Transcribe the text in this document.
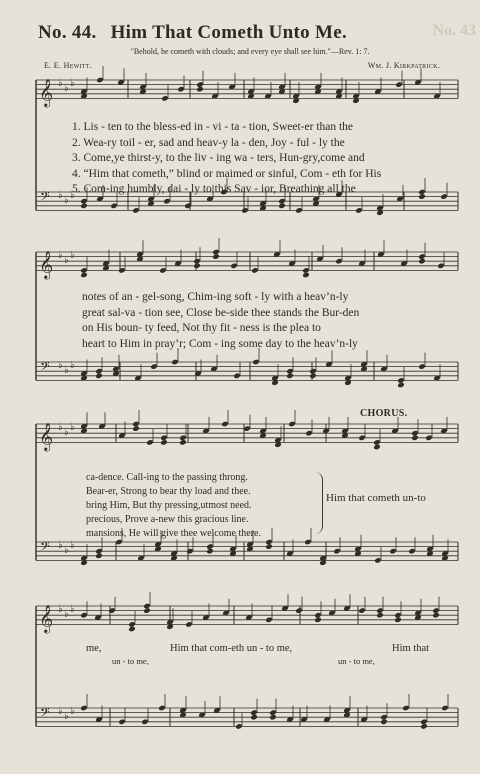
No. 43
No. 44. Him That Cometh Unto Me.
"Behold, he cometh with clouds; and every eye shall see him."—Rev. 1: 7.
E. E. Hewitt.	Wm. J. Kirkpatrick.
𝄞
𝄢
♭ ♭ ♭
♭ ♭ ♭
𝄞
𝄢
♭ ♭ ♭
♭ ♭ ♭
𝄞
𝄢
♭ ♭ ♭
♭ ♭ ♭
𝄞
𝄢
♭ ♭ ♭
♭ ♭ ♭
1. Lis - ten to the bless-ed in - vi - ta - tion, Sweet-er than the
2. Wea-ry toil - er, sad and heav-y la - den, Joy - ful - ly the
3. Come,ye thirst-y, to the liv - ing wa - ters, Hun-gry,come and
4. “Him that cometh,” blind or maimed or sinful, Com - eth for His
5. Com-ing humbly, dai - ly to this Sav - ior, Breathing all the
notes of an - gel-song, Chim-ing soft - ly with a heav’n-ly
great sal-va - tion see, Close be-side thee stands the Bur-den
on His boun- ty feed, Not thy fit - ness is the plea to
heart to Him in pray’r; Com - ing some day to the heav’n-ly
ca-dence. Call-ing to the passing throng.
Bear-er, Strong to bear thy load and thee.
bring Him, But thy pressing,utmost need.
precious, Prove a-new this gracious line.
mansions, He will give thee welcome there.
CHORUS.
Him that cometh un-to
me,	Him that com-eth un - to me,	Him that
un - to me,	un - to me,
